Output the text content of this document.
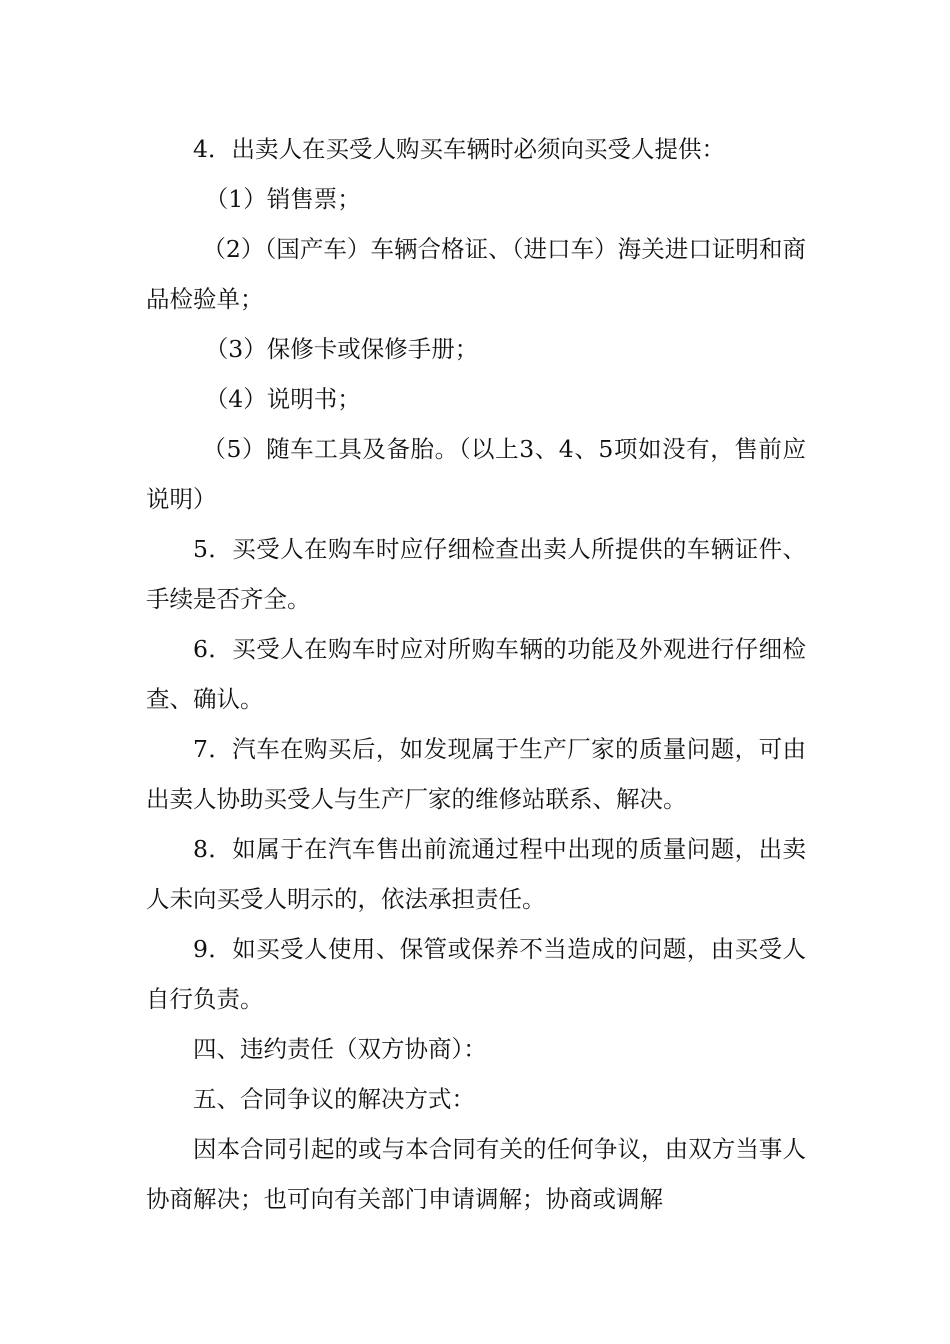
4．出卖人在买受人购买车辆时必须向买受人提供：

（1）销售票；

（2）（国产车）车辆合格证、（进口车）海关进口证明和商品检验单；

（3）保修卡或保修手册；

（4）说明书；

（5）随车工具及备胎。（以上3、4、5项如没有，售前应说明）

5．买受人在购车时应仔细检查出卖人所提供的车辆证件、手续是否齐全。

6．买受人在购车时应对所购车辆的功能及外观进行仔细检查、确认。

7．汽车在购买后，如发现属于生产厂家的质量问题，可由出卖人协助买受人与生产厂家的维修站联系、解决。

8．如属于在汽车售出前流通过程中出现的质量问题，出卖人未向买受人明示的，依法承担责任。

9．如买受人使用、保管或保养不当造成的问题，由买受人自行负责。

四、违约责任（双方协商）：

五、合同争议的解决方式：

因本合同引起的或与本合同有关的任何争议，由双方当事人协商解决；也可向有关部门申请调解；协商或调解
